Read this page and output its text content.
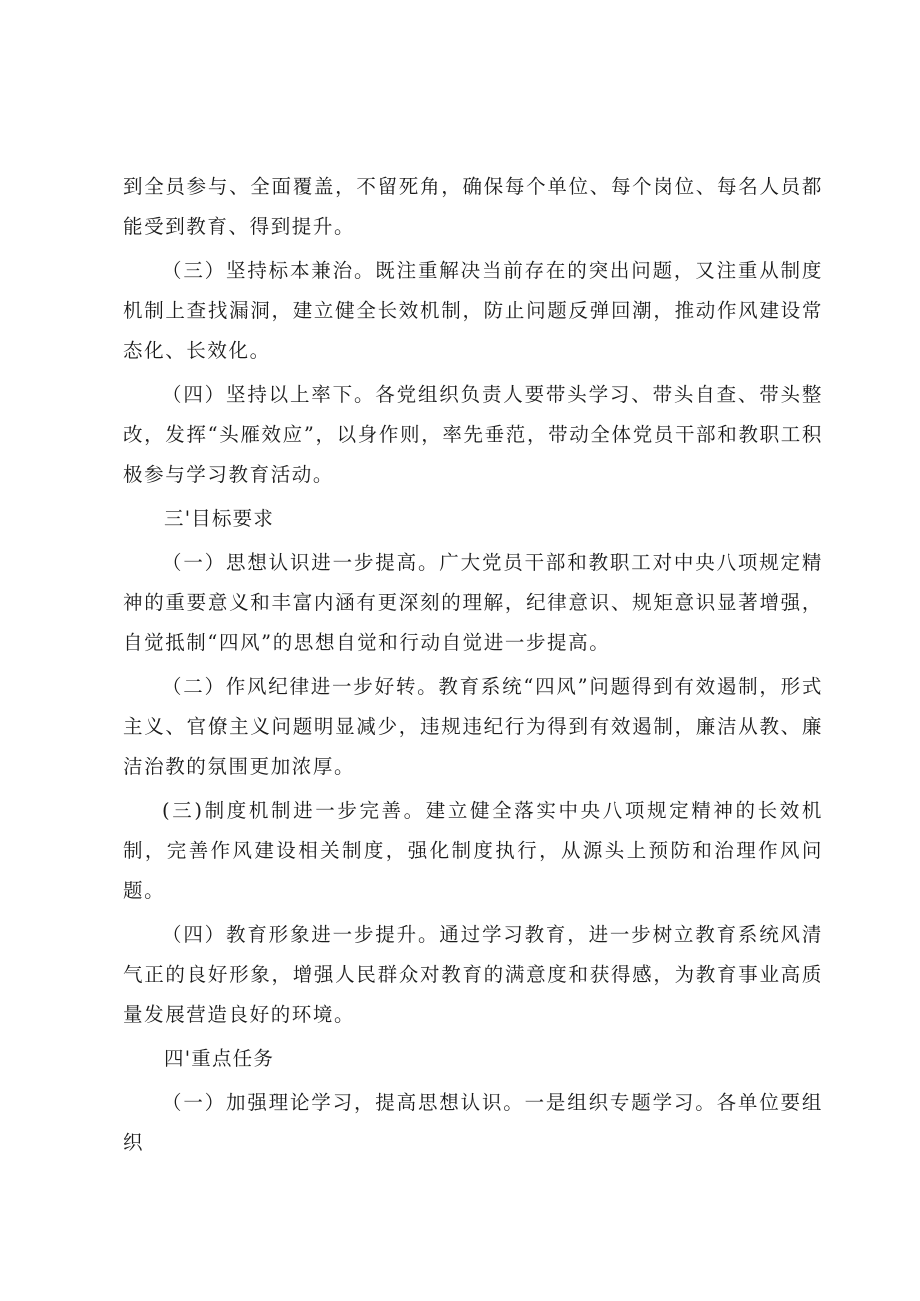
到全员参与、全面覆盖，不留死角，确保每个单位、每个岗位、每名人员都能受到教育、得到提升。

（三）坚持标本兼治。既注重解决当前存在的突出问题，又注重从制度机制上查找漏洞，建立健全长效机制，防止问题反弹回潮，推动作风建设常态化、长效化。

（四）坚持以上率下。各党组织负责人要带头学习、带头自查、带头整改，发挥“头雁效应”，以身作则，率先垂范，带动全体党员干部和教职工积极参与学习教育活动。

三'目标要求

（一）思想认识进一步提高。广大党员干部和教职工对中央八项规定精神的重要意义和丰富内涵有更深刻的理解，纪律意识、规矩意识显著增强，自觉抵制“四风”的思想自觉和行动自觉进一步提高。

（二）作风纪律进一步好转。教育系统“四风”问题得到有效遏制，形式主义、官僚主义问题明显减少，违规违纪行为得到有效遏制，廉洁从教、廉洁治教的氛围更加浓厚。

(三)制度机制进一步完善。建立健全落实中央八项规定精神的长效机制，完善作风建设相关制度，强化制度执行，从源头上预防和治理作风问题。

（四）教育形象进一步提升。通过学习教育，进一步树立教育系统风清气正的良好形象，增强人民群众对教育的满意度和获得感，为教育事业高质量发展营造良好的环境。

四'重点任务

（一）加强理论学习，提高思想认识。一是组织专题学习。各单位要组织
